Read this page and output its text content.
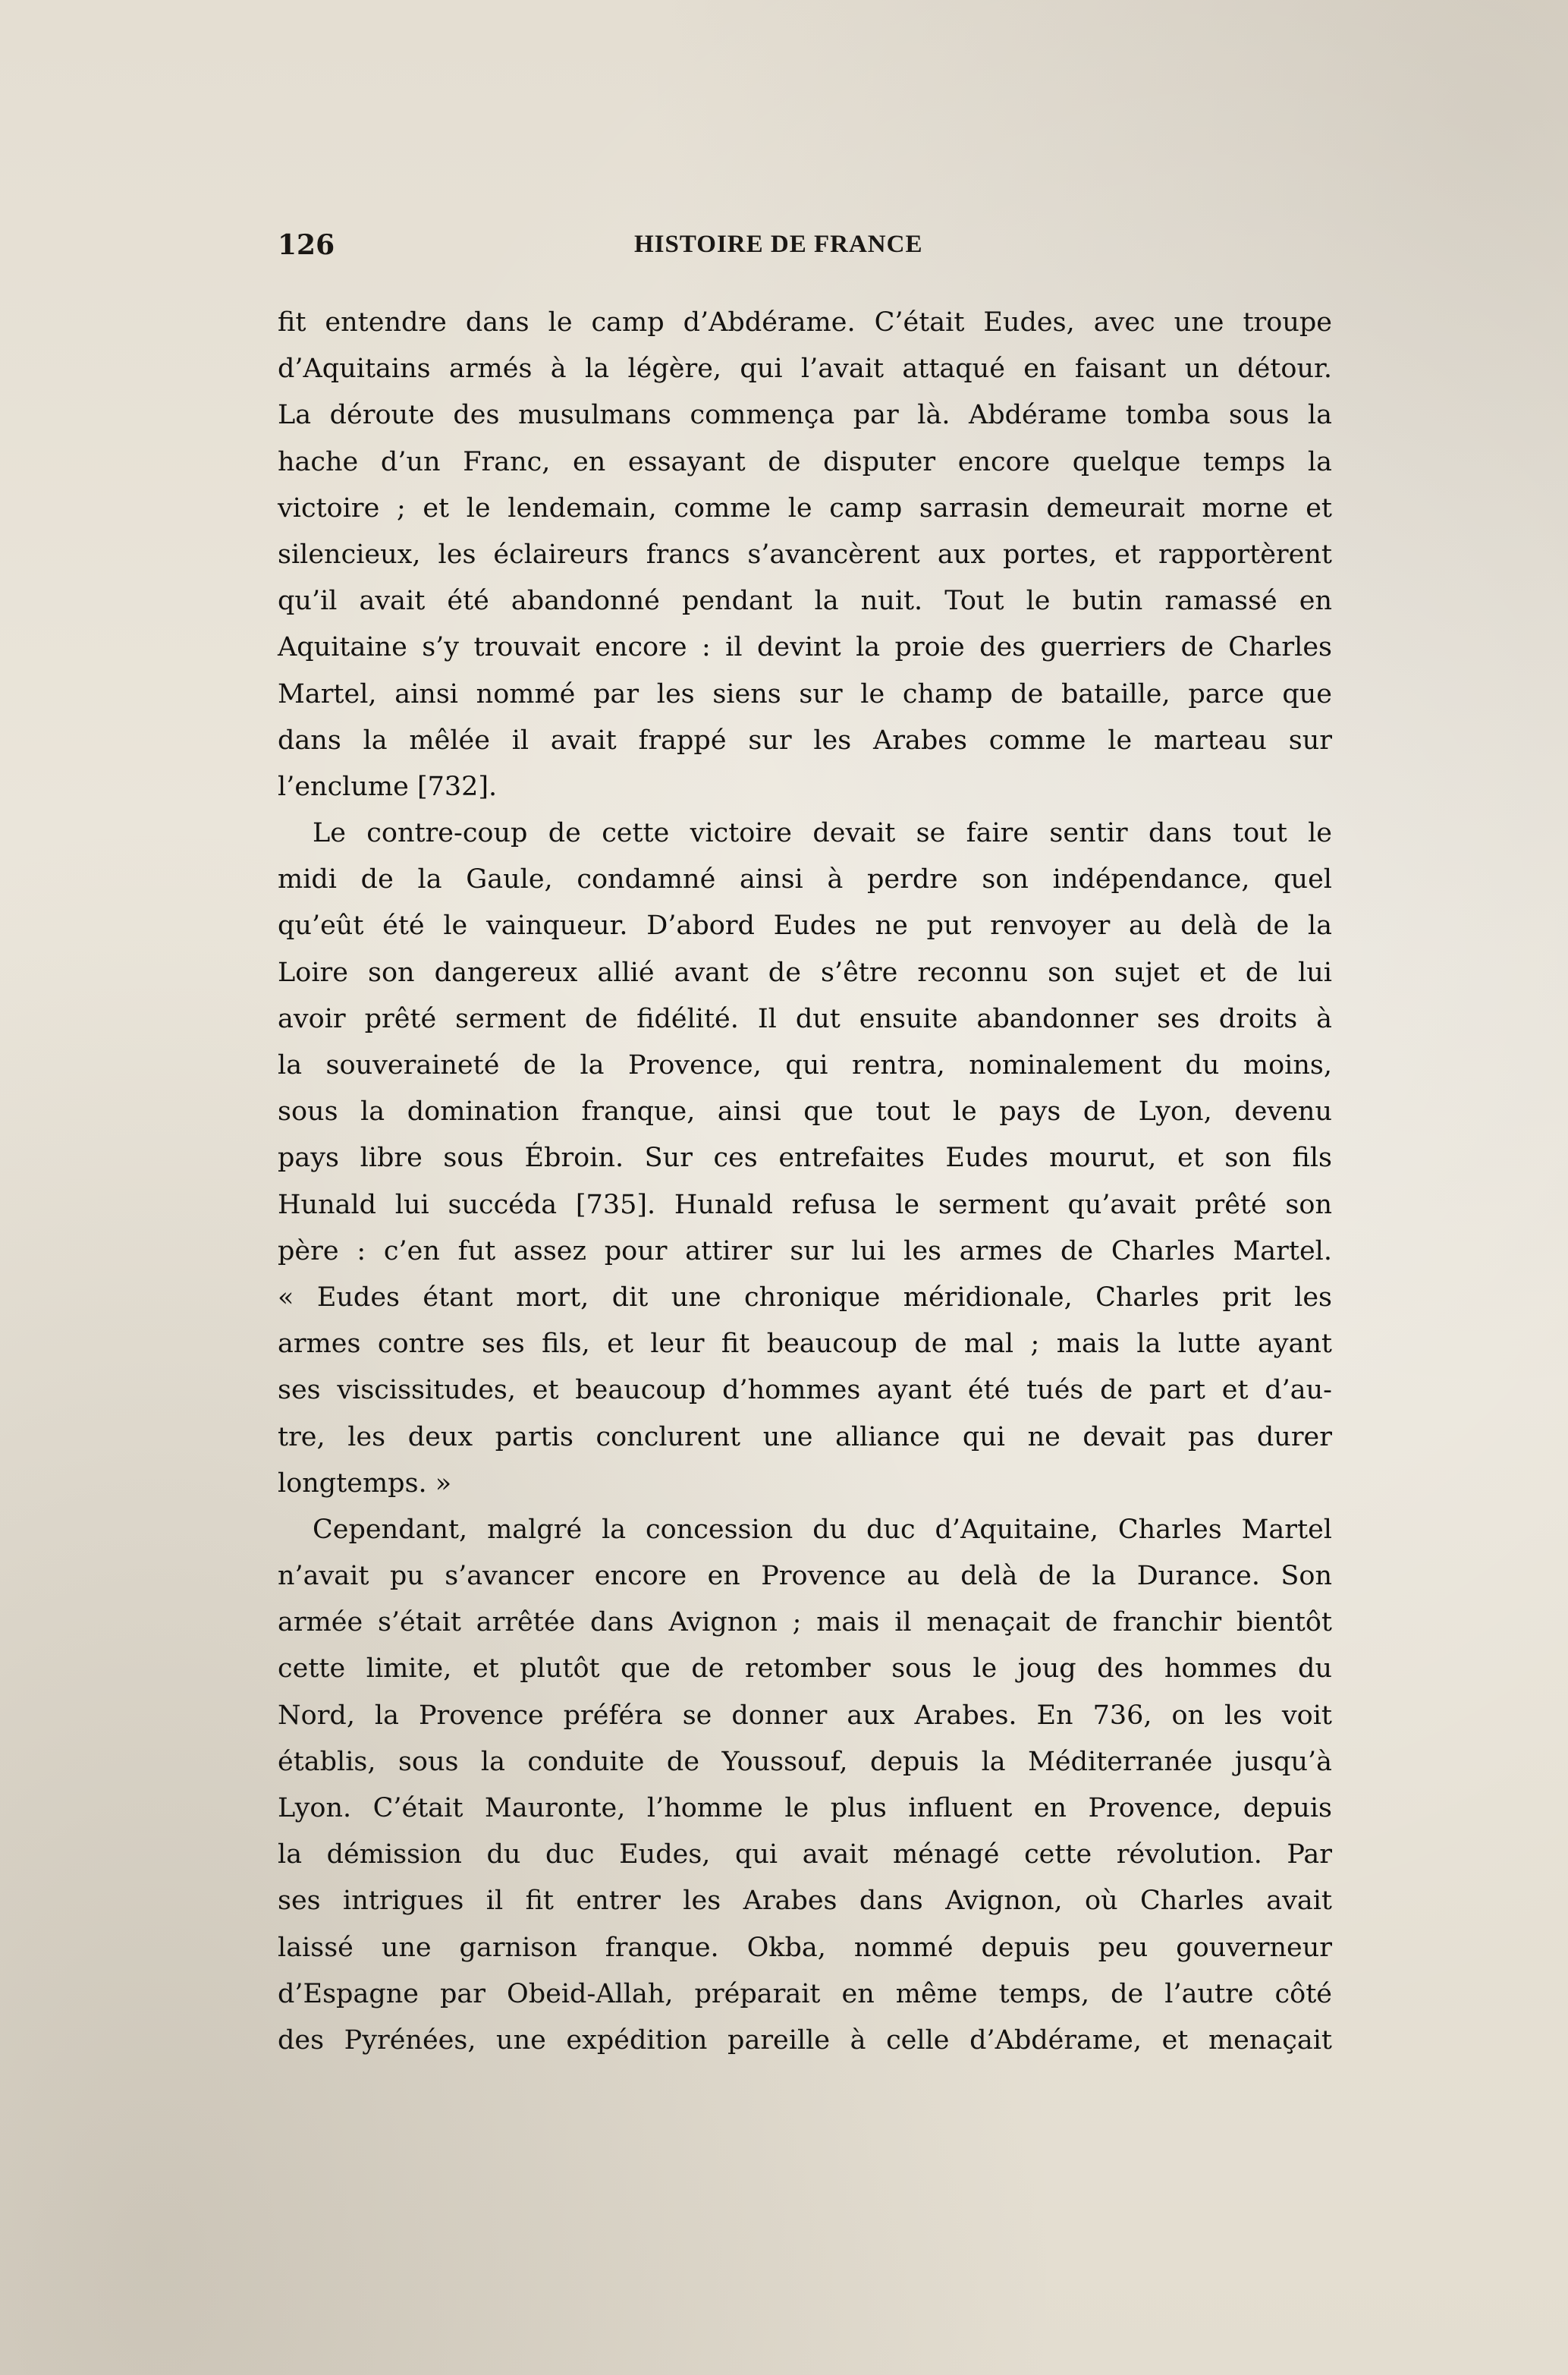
126	HISTOIRE DE FRANCE
fit entendre dans le camp d’Abdérame. C’était Eudes, avec une troupe
d’Aquitains armés à la légère, qui l’avait attaqué en faisant un détour.
La déroute des musulmans commença par là. Abdérame tomba sous la
hache d’un Franc, en essayant de disputer encore quelque temps la
victoire ; et le lendemain, comme le camp sarrasin demeurait morne et
silencieux, les éclaireurs francs s’avancèrent aux portes, et rapportèrent
qu’il avait été abandonné pendant la nuit. Tout le butin ramassé en
Aquitaine s’y trouvait encore : il devint la proie des guerriers de Charles
Martel, ainsi nommé par les siens sur le champ de bataille, parce que
dans la mêlée il avait frappé sur les Arabes comme le marteau sur
l’enclume [732].
Le contre-coup de cette victoire devait se faire sentir dans tout le
midi de la Gaule, condamné ainsi à perdre son indépendance, quel
qu’eût été le vainqueur. D’abord Eudes ne put renvoyer au delà de la
Loire son dangereux allié avant de s’être reconnu son sujet et de lui
avoir prêté serment de fidélité. Il dut ensuite abandonner ses droits à
la souveraineté de la Provence, qui rentra, nominalement du moins,
sous la domination franque, ainsi que tout le pays de Lyon, devenu
pays libre sous Ébroin. Sur ces entrefaites Eudes mourut, et son fils
Hunald lui succéda [735]. Hunald refusa le serment qu’avait prêté son
père : c’en fut assez pour attirer sur lui les armes de Charles Martel.
« Eudes étant mort, dit une chronique méridionale, Charles prit les
armes contre ses fils, et leur fit beaucoup de mal ; mais la lutte ayant
ses viscissitudes, et beaucoup d’hommes ayant été tués de part et d’au-
tre, les deux partis conclurent une alliance qui ne devait pas durer
longtemps. »
Cependant, malgré la concession du duc d’Aquitaine, Charles Martel
n’avait pu s’avancer encore en Provence au delà de la Durance. Son
armée s’était arrêtée dans Avignon ; mais il menaçait de franchir bientôt
cette limite, et plutôt que de retomber sous le joug des hommes du
Nord, la Provence préféra se donner aux Arabes. En 736, on les voit
établis, sous la conduite de Youssouf, depuis la Méditerranée jusqu’à
Lyon. C’était Mauronte, l’homme le plus influent en Provence, depuis
la démission du duc Eudes, qui avait ménagé cette révolution. Par
ses intrigues il fit entrer les Arabes dans Avignon, où Charles avait
laissé une garnison franque. Okba, nommé depuis peu gouverneur
d’Espagne par Obeid-Allah, préparait en même temps, de l’autre côté
des Pyrénées, une expédition pareille à celle d’Abdérame, et menaçait
